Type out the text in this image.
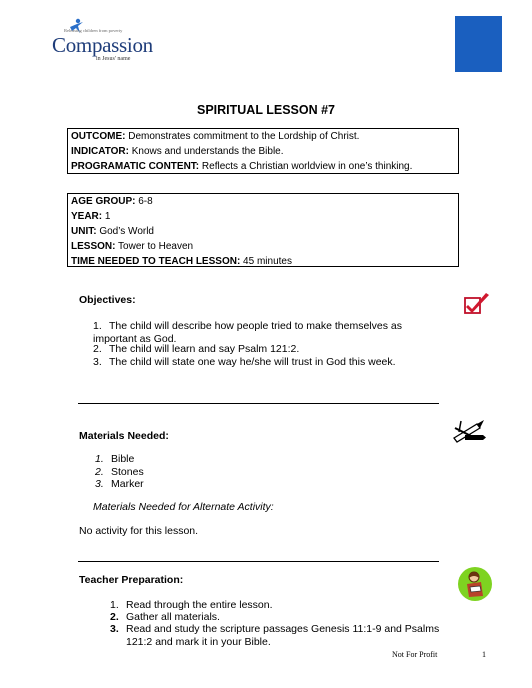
Releasing children from poverty
Compassion
in Jesus' name
SPIRITUAL LESSON #7
OUTCOME: Demonstrates commitment to the Lordship of Christ.
INDICATOR: Knows and understands the Bible.
PROGRAMATIC CONTENT: Reflects a Christian worldview in one’s thinking.
AGE GROUP: 6-8
YEAR: 1
UNIT: God’s World
LESSON: Tower to Heaven
TIME NEEDED TO TEACH LESSON: 45 minutes
Objectives:
1. The child will describe how people tried to make themselves as
important as God.
2. The child will learn and say Psalm 121:2.
3. The child will state one way he/she will trust in God this week.
Materials Needed:
1. Bible
2. Stones
3. Marker
Materials Needed for Alternate Activity:
No activity for this lesson.
Teacher Preparation:
1. Read through the entire lesson.
2. Gather all materials.
3. Read and study the scripture passages Genesis 11:1-9 and Psalms
121:2 and mark it in your Bible.
Not For Profit	1
